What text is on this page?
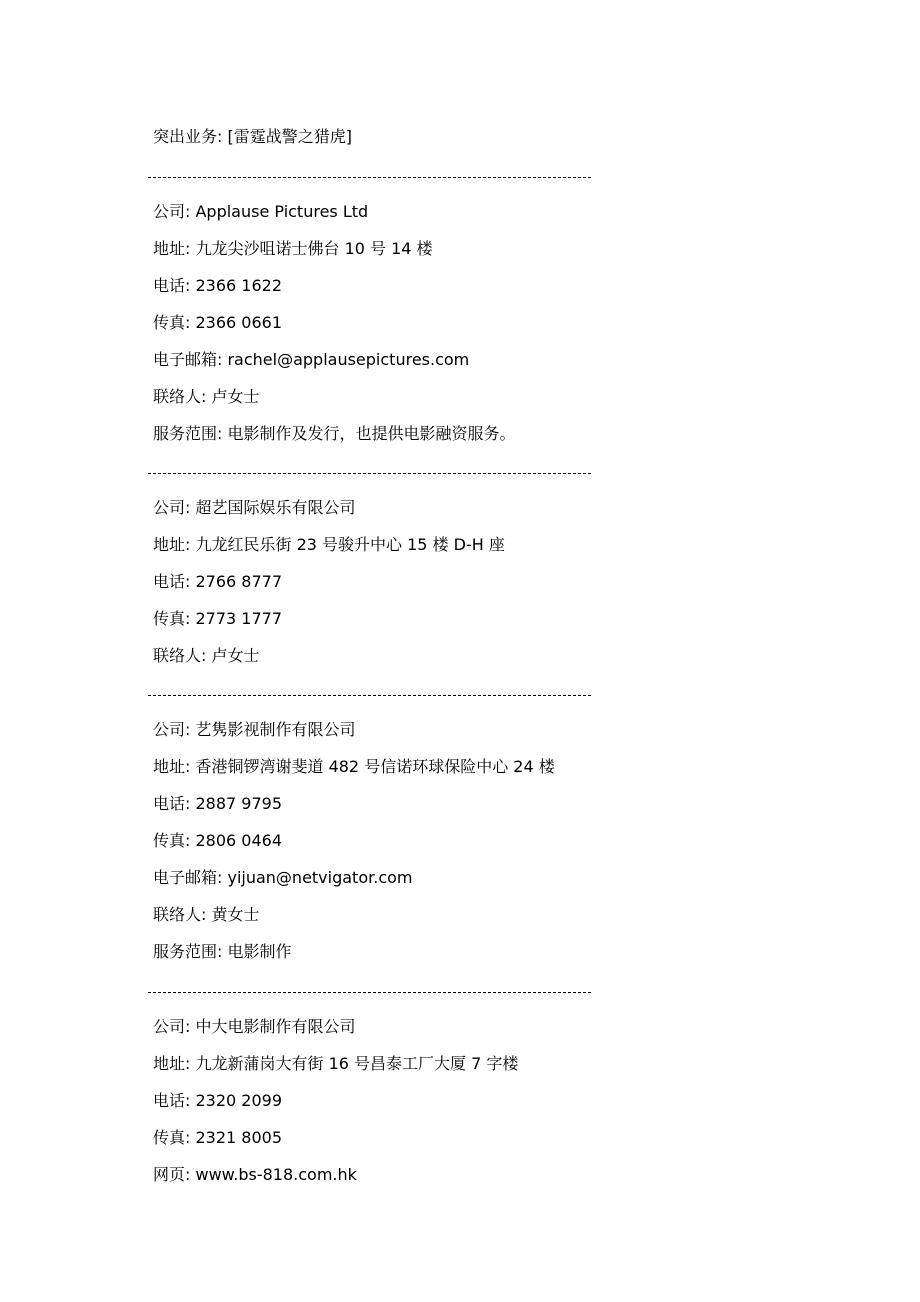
突出业务: [雷霆战警之猎虎]
公司: Applause Pictures Ltd
地址: 九龙尖沙咀诺士佛台 10 号 14 楼
电话: 2366 1622
传真: 2366 0661
电子邮箱: rachel@applausepictures.com
联络人: 卢女士
服务范围: 电影制作及发行，也提供电影融资服务。
公司: 超艺国际娱乐有限公司
地址: 九龙红民乐街 23 号骏升中心 15 楼 D-H 座
电话: 2766 8777
传真: 2773 1777
联络人: 卢女士
公司: 艺隽影视制作有限公司
地址: 香港铜锣湾谢斐道 482 号信诺环球保险中心 24 楼
电话: 2887 9795
传真: 2806 0464
电子邮箱: yijuan@netvigator.com
联络人: 黄女士
服务范围: 电影制作
公司: 中大电影制作有限公司
地址: 九龙新蒲岗大有街 16 号昌泰工厂大厦 7 字楼
电话: 2320 2099
传真: 2321 8005
网页: www.bs-818.com.hk
